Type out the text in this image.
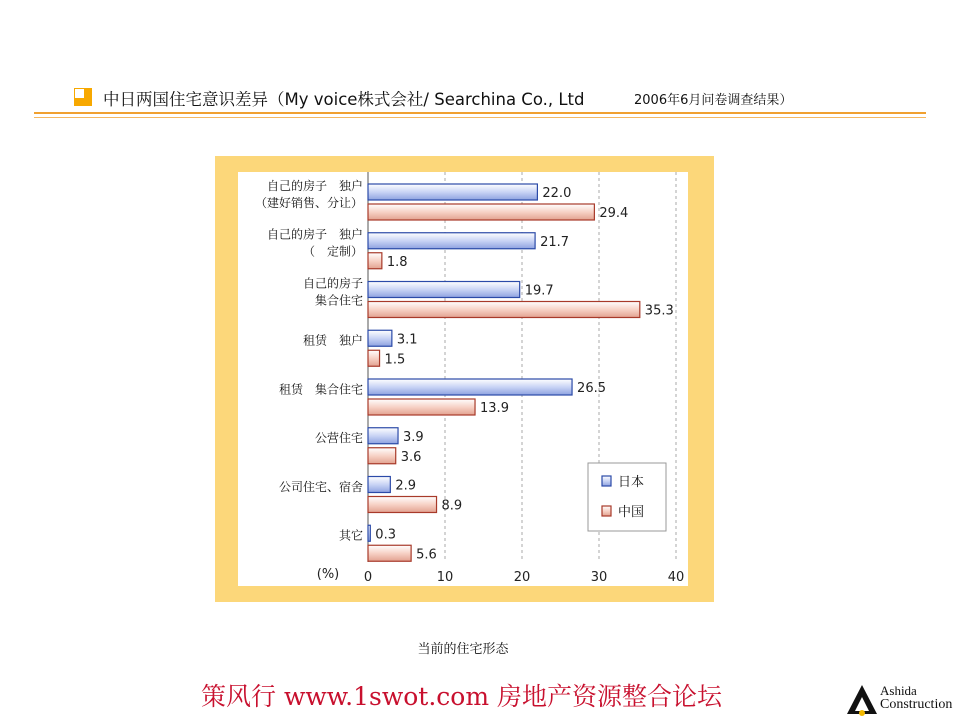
中日两国住宅意识差异（My voice株式会社/ Searchina Co., Ltd	2006年6月问卷调查结果）
0	10	20	30	40
(%)
22.0
29.4
自己的房子　独户
（建好销售、分让）
21.7
1.8
自己的房子　独户
（　定制）
19.7
35.3
自己的房子
集合住宅
3.1
1.5
租赁　独户
26.5
13.9
租赁　集合住宅
3.9
3.6
公营住宅
2.9
8.9
公司住宅、宿舍
0.3
5.6
其它
日本
中国
当前的住宅形态
策风行 www.1swot.com 房地产资源整合论坛	Ashida
Construction
